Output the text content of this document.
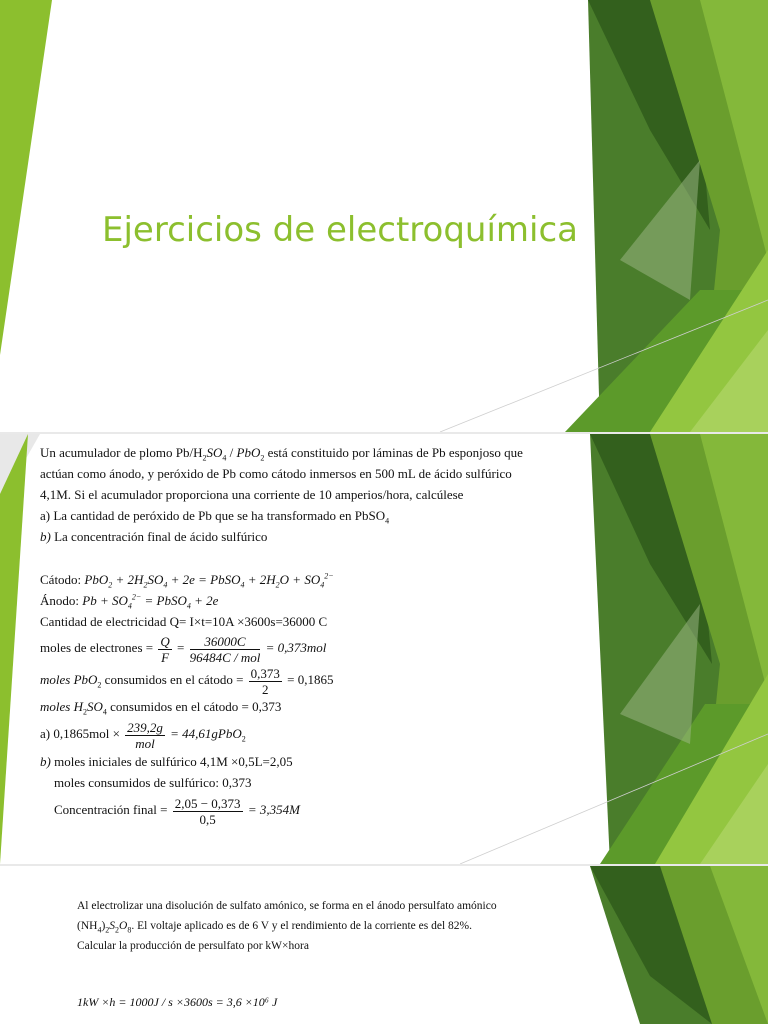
Ejercicios de electroquímica
Un acumulador de plomo $Pb/H_2SO_4 / PbO_2$ está constituido por láminas de Pb esponjoso que
actúan como ánodo, y peróxido de Pb como cátodo inmersos en 500 mL de ácido sulfúrico
4,1M. Si el acumulador proporciona una corriente de 10 amperios/hora, calcúlese
a) La cantidad de peróxido de Pb que se ha transformado en PbSO$_4$
b) La concentración final de ácido sulfúrico
Cátodo: $PbO_2 + 2H_2SO_4 + 2e$ = PbSO$_4$ + $2H_2O + SO_4^{2-}$
Ánodo: $Pb + SO_4^{2-}$ = PbSO$_4$ + 2e
Cantidad de electricidad Q= I×t=10A ×3600s=36000 C
moles de electrones = $\frac{Q}{F} = \frac{36000C}{\text{96484C / mol}} = 0,373mol$
moles PbO$_2$ consumidos en el cátodo = $\frac{0,373}{2} = 0,1865$
moles $H_2SO_4$ consumidos en el cátodo = 0,373
a) $0,1865mol \times \frac{239,2g}{\text{mol}}$ = 44,61gPbO$_2$
b) moles iniciales de sulfúrico 4,1M ×0,5L=2,05
moles consumidos de sulfúrico: 0,373
Concentración final = $\frac{2,05 - 0,373}{0,5} = 3,354M$
Al electrolizar una disolución de sulfato amónico, se forma en el ánodo persulfato amónico
$(NH_4)_2S_2O_8$. El voltaje aplicado es de 6 V y el rendimiento de la corriente es del 82%.
Calcular la producción de persulfato por kW×hora
1kW ×h = 1000J / s ×3600s = 3,6 ×10⁶ J
